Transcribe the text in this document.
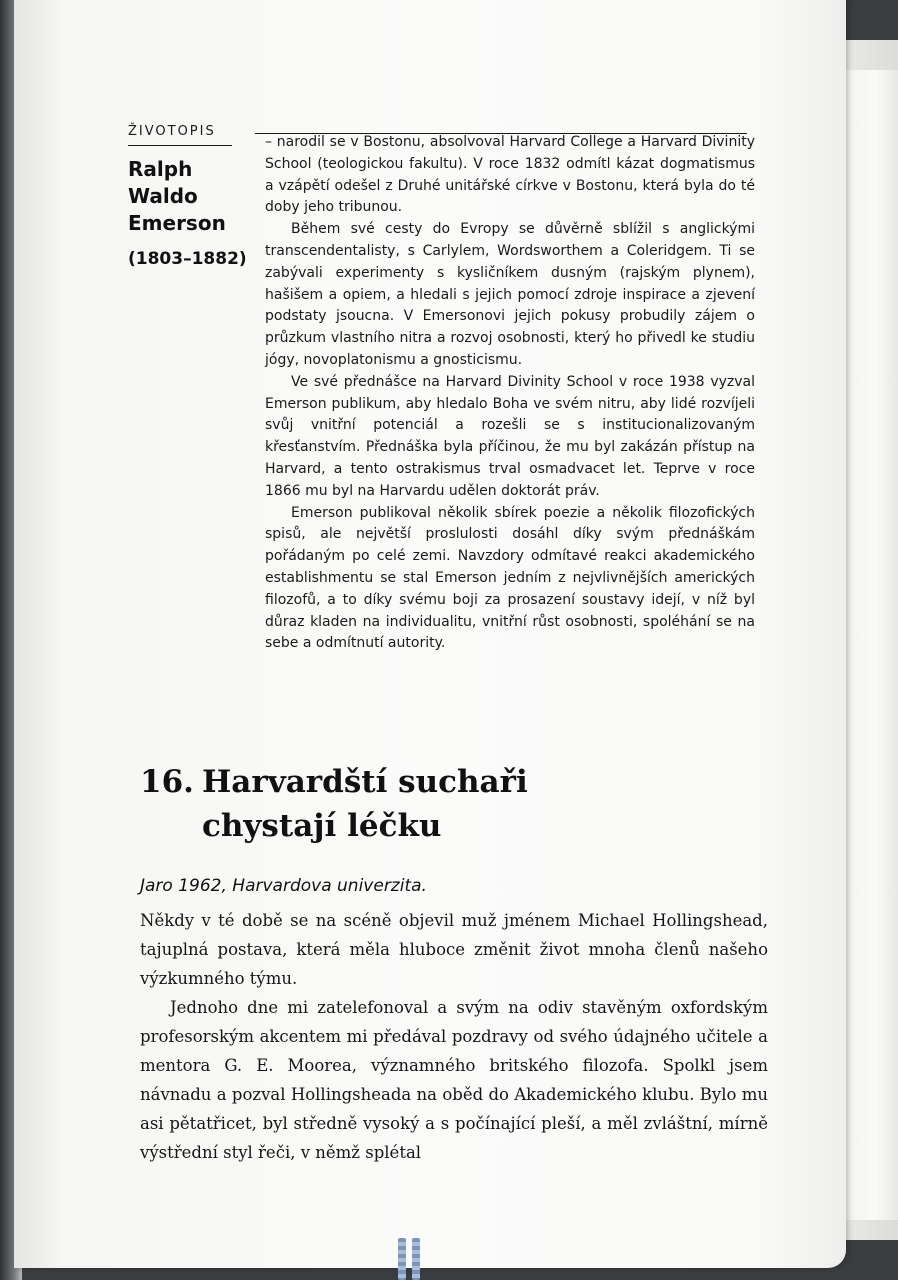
ŽIVOTOPIS
Ralph Waldo Emerson
(1803–1882)

– narodil se v Bostonu, absolvoval Harvard College a Harvard Divinity School (teologickou fakultu). V roce 1832 odmítl kázat dogmatismus a vzápětí odešel z Druhé unitářské církve v Bostonu, která byla do té doby jeho tribunou.

Během své cesty do Evropy se důvěrně sblížil s anglickými transcendentalisty, s Carlylem, Wordsworthem a Coleridgem. Ti se zabývali experimenty s kysličníkem dusným (rajským plynem), hašišem a opiem, a hledali s jejich pomocí zdroje inspirace a zjevení podstaty jsoucna. V Emersonovi jejich pokusy probudily zájem o průzkum vlastního nitra a rozvoj osobnosti, který ho přivedl ke studiu jógy, novoplatonismu a gnosticismu.

Ve své přednášce na Harvard Divinity School v roce 1938 vyzval Emerson publikum, aby hledalo Boha ve svém nitru, aby lidé rozvíjeli svůj vnitřní potenciál a rozešli se s institucionalizovaným křesťanstvím. Přednáška byla příčinou, že mu byl zakázán přístup na Harvard, a tento ostrakismus trval osmadvacet let. Teprve v roce 1866 mu byl na Harvardu udělen doktorát práv.

Emerson publikoval několik sbírek poezie a několik filozofických spisů, ale největší proslulosti dosáhl díky svým přednáškám pořádaným po celé zemi. Navzdory odmítavé reakci akademického establishmentu se stal Emerson jedním z nejvlivnějších amerických filozofů, a to díky svému boji za prosazení soustavy idejí, v níž byl důraz kladen na individualitu, vnitřní růst osobnosti, spoléhání se na sebe a odmítnutí autority.

16. Harvardští suchaři chystají léčku
Jaro 1962, Harvardova univerzita.

Někdy v té době se na scéně objevil muž jménem Michael Hollingshead, tajuplná postava, která měla hluboce změnit život mnoha členů našeho výzkumného týmu.

Jednoho dne mi zatelefonoval a svým na odiv stavěným oxfordským profesorským akcentem mi předával pozdravy od svého údajného učitele a mentora G. E. Moorea, významného britského filozofa. Spolkl jsem návnadu a pozval Hollingsheada na oběd do Akademického klubu. Bylo mu asi pětatřicet, byl středně vysoký a s počínající pleší, a měl zvláštní, mírně výstřední styl řeči, v němž splétal
